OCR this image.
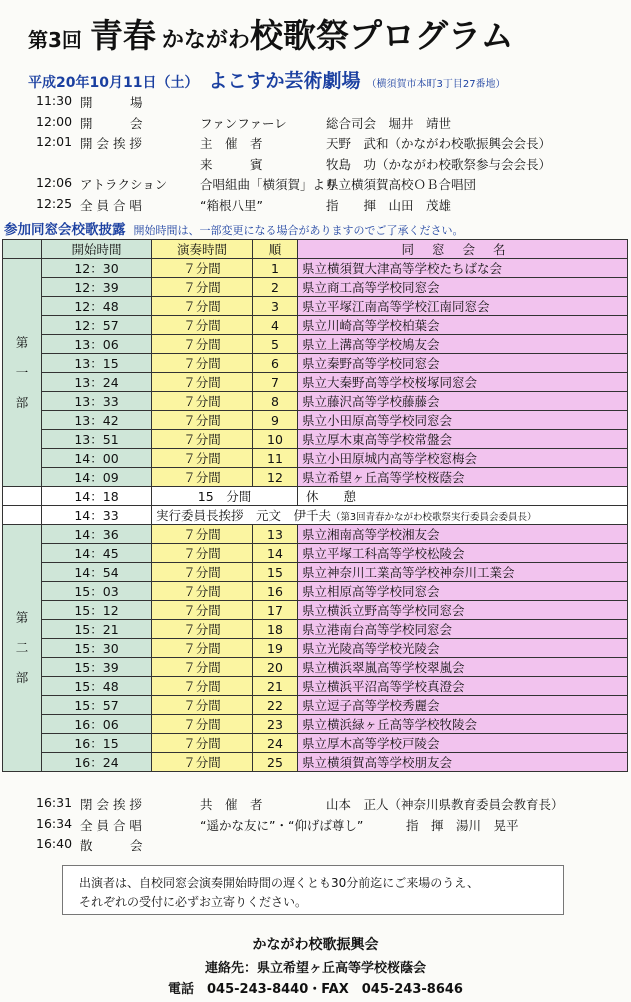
第3回 青春 かながわ校歌祭プログラム
平成20年10月11日（土） よこすか芸術劇場 （横須賀市本町3丁目27番地）
11:30 開　　　場
12:00 開　　　会	ファンファーレ	総合司会　堀井　靖世
12:01 開 会 挨 拶	主　催　者	天野　武和（かながわ校歌振興会会長）
来　　　賓	牧島　功（かながわ校歌祭参与会会長）
12:06 アトラクション	合唱組曲「横須賀」より
県立横須賀高校ＯＢ合唱団
12:25 全 員 合 唱	“箱根八里”	指　　揮　山田　茂雄
参加同窓会校歌披露 開始時間は、一部変更になる場合がありますのでご了承ください。
	開始時間	演奏時間	順	同窓会名

第
一
部	12：30	７分間	1	県立横須賀大津高等学校たちばな会
	12：39	７分間	2	県立商工高等学校同窓会
	12：48	７分間	3	県立平塚江南高等学校江南同窓会
	12：57	７分間	4	県立川崎高等学校柏葉会
	13：06	７分間	5	県立上溝高等学校鳩友会
	13：15	７分間	6	県立秦野高等学校同窓会
	13：24	７分間	7	県立大秦野高等学校桜塚同窓会
	13：33	７分間	8	県立藤沢高等学校藤藤会
	13：42	７分間	9	県立小田原高等学校同窓会
	13：51	７分間	10	県立厚木東高等学校常盤会
	14：00	７分間	11	県立小田原城内高等学校窓梅会
	14：09	７分間	12	県立希望ヶ丘高等学校桜蔭会
	14：18	15　分間		休　　憩
	14：33	実行委員長挨拶　元文　伊千夫（第3回青春かながわ校歌祭実行委員会委員長）		

第
二
部	14：36	７分間	13	県立湘南高等学校湘友会
	14：45	７分間	14	県立平塚工科高等学校松陵会
	14：54	７分間	15	県立神奈川工業高等学校神奈川工業会
	15：03	７分間	16	県立相原高等学校同窓会
	15：12	７分間	17	県立横浜立野高等学校同窓会
	15：21	７分間	18	県立港南台高等学校同窓会
	15：30	７分間	19	県立光陵高等学校光陵会
	15：39	７分間	20	県立横浜翠嵐高等学校翠嵐会
	15：48	７分間	21	県立横浜平沼高等学校真澄会
	15：57	７分間	22	県立逗子高等学校秀麗会
	16：06	７分間	23	県立横浜緑ヶ丘高等学校牧陵会
	16：15	７分間	24	県立厚木高等学校戸陵会
	16：24	７分間	25	県立横須賀高等学校朋友会
16:31 閉 会 挨 拶	共　催　者	山本　正人（神奈川県教育委員会教育長）
16:34 全 員 合 唱	“遥かな友に”・“仰げば尊し”	指　揮　湯川　晃平
16:40 散　　　会
出演者は、自校同窓会演奏開始時間の遅くとも30分前迄にご来場のうえ、
それぞれの受付に必ずお立寄りください。
かながわ校歌振興会
連絡先：県立希望ヶ丘高等学校桜蔭会
電話　045-243-8440・FAX　045-243-8646
